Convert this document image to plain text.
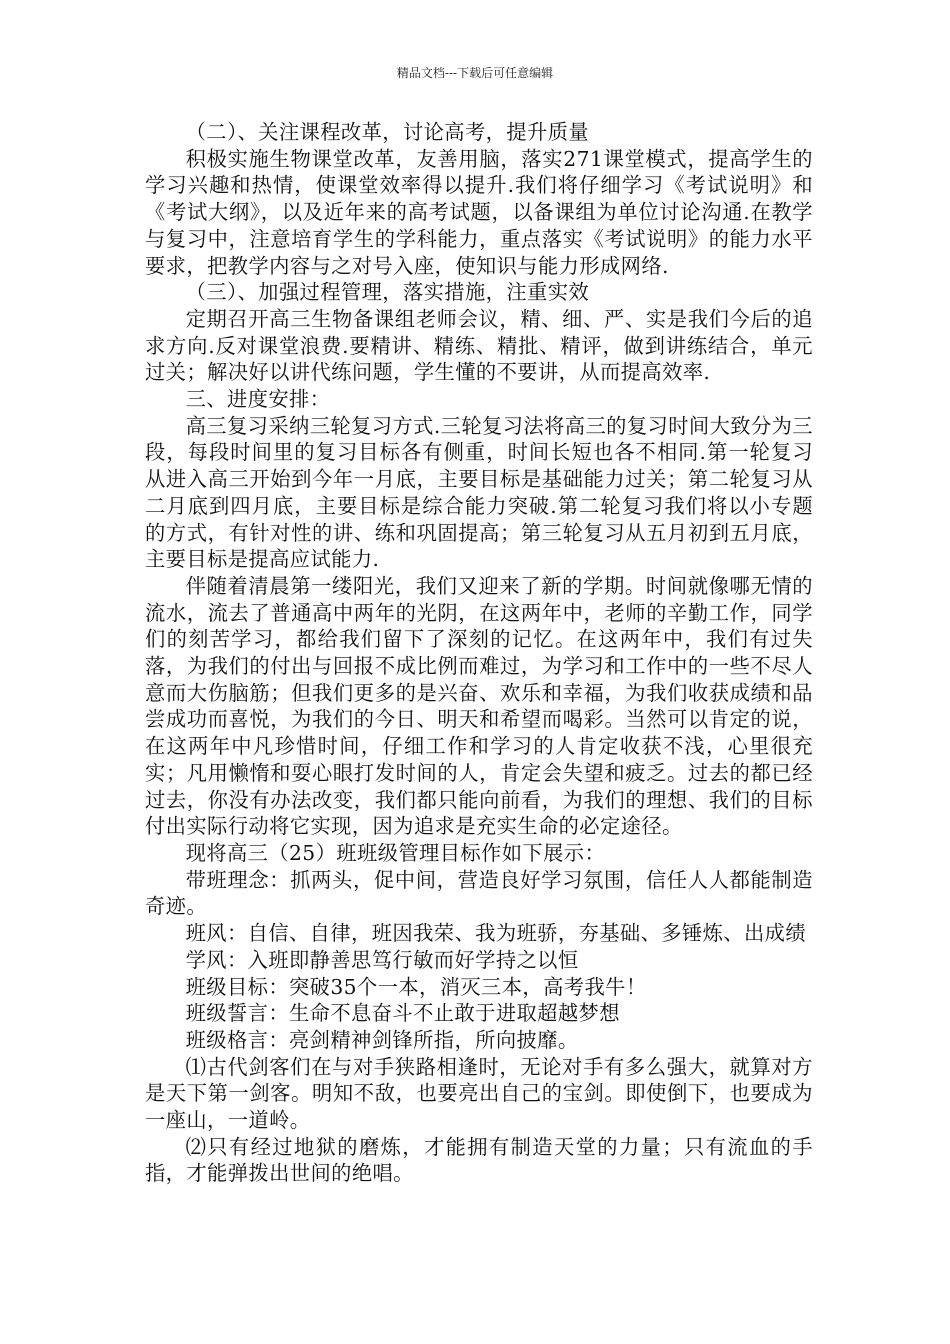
精品文档---下载后可任意编辑

（二）、关注课程改革，讨论高考，提升质量

积极实施生物课堂改革，友善用脑，落实271课堂模式，提高学生的学习兴趣和热情，使课堂效率得以提升.我们将仔细学习《考试说明》和《考试大纲》，以及近年来的高考试题，以备课组为单位讨论沟通.在教学与复习中，注意培育学生的学科能力，重点落实《考试说明》的能力水平要求，把教学内容与之对号入座，使知识与能力形成网络.

（三）、加强过程管理，落实措施，注重实效

定期召开高三生物备课组老师会议，精、细、严、实是我们今后的追求方向.反对课堂浪费.要精讲、精练、精批、精评，做到讲练结合，单元过关；解决好以讲代练问题，学生懂的不要讲，从而提高效率.

三、进度安排：

高三复习采纳三轮复习方式.三轮复习法将高三的复习时间大致分为三段，每段时间里的复习目标各有侧重，时间长短也各不相同.第一轮复习从进入高三开始到今年一月底，主要目标是基础能力过关；第二轮复习从二月底到四月底，主要目标是综合能力突破.第二轮复习我们将以小专题的方式，有针对性的讲、练和巩固提高；第三轮复习从五月初到五月底，主要目标是提高应试能力.

伴随着清晨第一缕阳光，我们又迎来了新的学期。时间就像哪无情的流水，流去了普通高中两年的光阴，在这两年中，老师的辛勤工作，同学们的刻苦学习，都给我们留下了深刻的记忆。在这两年中，我们有过失落，为我们的付出与回报不成比例而难过，为学习和工作中的一些不尽人意而大伤脑筋；但我们更多的是兴奋、欢乐和幸福，为我们收获成绩和品尝成功而喜悦，为我们的今日、明天和希望而喝彩。当然可以肯定的说，在这两年中凡珍惜时间，仔细工作和学习的人肯定收获不浅，心里很充实；凡用懒惰和耍心眼打发时间的人，肯定会失望和疲乏。过去的都已经过去，你没有办法改变，我们都只能向前看，为我们的理想、我们的目标付出实际行动将它实现，因为追求是充实生命的必定途径。

现将高三（25）班班级管理目标作如下展示：

带班理念：抓两头，促中间，营造良好学习氛围，信任人人都能制造奇迹。

班风：自信、自律，班因我荣、我为班骄，夯基础、多锤炼、出成绩

学风：入班即静善思笃行敏而好学持之以恒

班级目标：突破35个一本，消灭三本，高考我牛！

班级誓言：生命不息奋斗不止敢于进取超越梦想

班级格言：亮剑精神剑锋所指，所向披靡。

⑴古代剑客们在与对手狭路相逢时，无论对手有多么强大，就算对方是天下第一剑客。明知不敌，也要亮出自己的宝剑。即使倒下，也要成为一座山，一道岭。

⑵只有经过地狱的磨炼，才能拥有制造天堂的力量；只有流血的手指，才能弹拨出世间的绝唱。
